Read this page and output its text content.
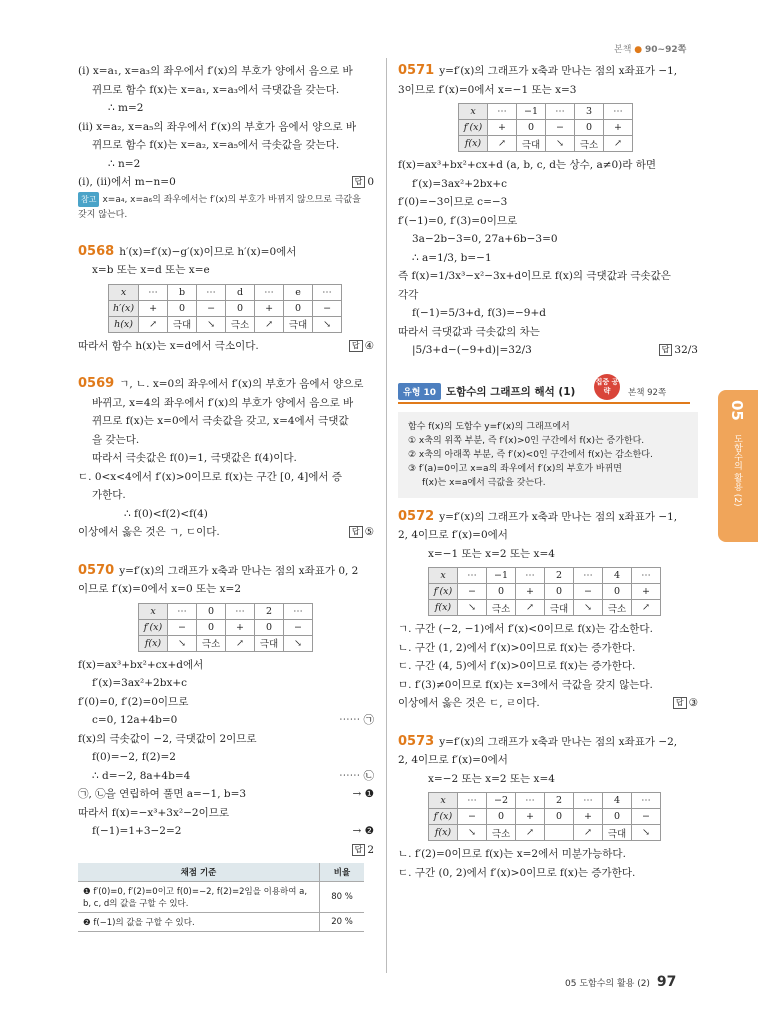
본책 ● 90~92쪽
05
도함수의 활용 (2)
(ⅰ) x=a₁, x=a₃의 좌우에서 f′(x)의 부호가 양에서 음으로 바
뀌므로 함수 f(x)는 x=a₁, x=a₃에서 극댓값을 갖는다.
∴ m=2
(ⅱ) x=a₂, x=a₅의 좌우에서 f′(x)의 부호가 음에서 양으로 바
뀌므로 함수 f(x)는 x=a₂, x=a₅에서 극솟값을 갖는다.
∴ n=2
(ⅰ), (ⅱ)에서 m−n=0	답 0
참고 x=a₄, x=a₆의 좌우에서는 f′(x)의 부호가 바뀌지 않으므로 극값을
갖지 않는다.
0568 h′(x)=f′(x)−g′(x)이므로 h′(x)=0에서
x=b 또는 x=d 또는 x=e
x	⋯	b	⋯	d	⋯	e	⋯
h′(x)	+	0	−	0	+	0	−
h(x)	↗	극대	↘	극소	↗	극대	↘
따라서 함수 h(x)는 x=d에서 극소이다.	답 ④
0569 ㄱ, ㄴ. x=0의 좌우에서 f′(x)의 부호가 음에서 양으로
바뀌고, x=4의 좌우에서 f′(x)의 부호가 양에서 음으로 바
뀌므로 f(x)는 x=0에서 극솟값을 갖고, x=4에서 극댓값
을 갖는다.
따라서 극솟값은 f(0)=1, 극댓값은 f(4)이다.
ㄷ. 0<x<4에서 f′(x)>0이므로 f(x)는 구간 [0, 4]에서 증
가한다.
∴ f(0)<f(2)<f(4)
이상에서 옳은 것은 ㄱ, ㄷ이다.	답 ⑤
0570 y=f′(x)의 그래프가 x축과 만나는 점의 x좌표가 0, 2
이므로 f′(x)=0에서 x=0 또는 x=2
x	⋯	0	⋯	2	⋯
f′(x)	−	0	+	0	−
f(x)	↘	극소	↗	극대	↘
f(x)=ax³+bx²+cx+d에서
f′(x)=3ax²+2bx+c
f′(0)=0, f′(2)=0이므로
c=0, 12a+4b=0	⋯⋯ ㉠
f(x)의 극솟값이 −2, 극댓값이 2이므로
f(0)=−2, f(2)=2
∴ d=−2, 8a+4b=4	⋯⋯ ㉡
㉠, ㉡을 연립하여 풀면 a=−1, b=3	→ ❶
따라서 f(x)=−x³+3x²−2이므로
f(−1)=1+3−2=2	→ ❷
답 2
채점 기준	비율
❶ f′(0)=0, f′(2)=0이고 f(0)=−2, f(2)=2임을 이용하여 a, b, c, d의 값을 구할 수 있다.	80 %
❷ f(−1)의 값을 구할 수 있다.	20 %
0571 y=f′(x)의 그래프가 x축과 만나는 점의 x좌표가 −1,
3이므로 f′(x)=0에서 x=−1 또는 x=3
x	⋯	−1	⋯	3	⋯
f′(x)	+	0	−	0	+
f(x)	↗	극대	↘	극소	↗
f(x)=ax³+bx²+cx+d (a, b, c, d는 상수, a≠0)라 하면
f′(x)=3ax²+2bx+c
f′(0)=−3이므로 c=−3
f′(−1)=0, f′(3)=0이므로
3a−2b−3=0, 27a+6b−3=0
∴ a=1/3, b=−1
즉 f(x)=1/3x³−x²−3x+d이므로 f(x)의 극댓값과 극솟값은
각각
f(−1)=5/3+d, f(3)=−9+d
따라서 극댓값과 극솟값의 차는
|5/3+d−(−9+d)|=32/3	답 32/3
유형 10 도함수의 그래프의 해석 (1)
집중 공략	본책 92쪽
함수 f(x)의 도함수 y=f′(x)의 그래프에서
① x축의 위쪽 부분, 즉 f′(x)>0인 구간에서 f(x)는 증가한다.
② x축의 아래쪽 부분, 즉 f′(x)<0인 구간에서 f(x)는 감소한다.
③ f′(a)=0이고 x=a의 좌우에서 f′(x)의 부호가 바뀌면
f(x)는 x=a에서 극값을 갖는다.
0572 y=f′(x)의 그래프가 x축과 만나는 점의 x좌표가 −1,
2, 4이므로 f′(x)=0에서
x=−1 또는 x=2 또는 x=4
x	⋯	−1	⋯	2	⋯	4	⋯
f′(x)	−	0	+	0	−	0	+
f(x)	↘	극소	↗	극대	↘	극소	↗
ㄱ. 구간 (−2, −1)에서 f′(x)<0이므로 f(x)는 감소한다.
ㄴ. 구간 (1, 2)에서 f′(x)>0이므로 f(x)는 증가한다.
ㄷ. 구간 (4, 5)에서 f′(x)>0이므로 f(x)는 증가한다.
ㅁ. f′(3)≠0이므로 f(x)는 x=3에서 극값을 갖지 않는다.
이상에서 옳은 것은 ㄷ, ㄹ이다.	답 ③
0573 y=f′(x)의 그래프가 x축과 만나는 점의 x좌표가 −2,
2, 4이므로 f′(x)=0에서
x=−2 또는 x=2 또는 x=4
x	⋯	−2	⋯	2	⋯	4	⋯
f′(x)	−	0	+	0	+	0	−
f(x)	↘	극소	↗		↗	극대	↘
ㄴ. f′(2)=0이므로 f(x)는 x=2에서 미분가능하다.
ㄷ. 구간 (0, 2)에서 f′(x)>0이므로 f(x)는 증가한다.
05 도함수의 활용 (2) 97
